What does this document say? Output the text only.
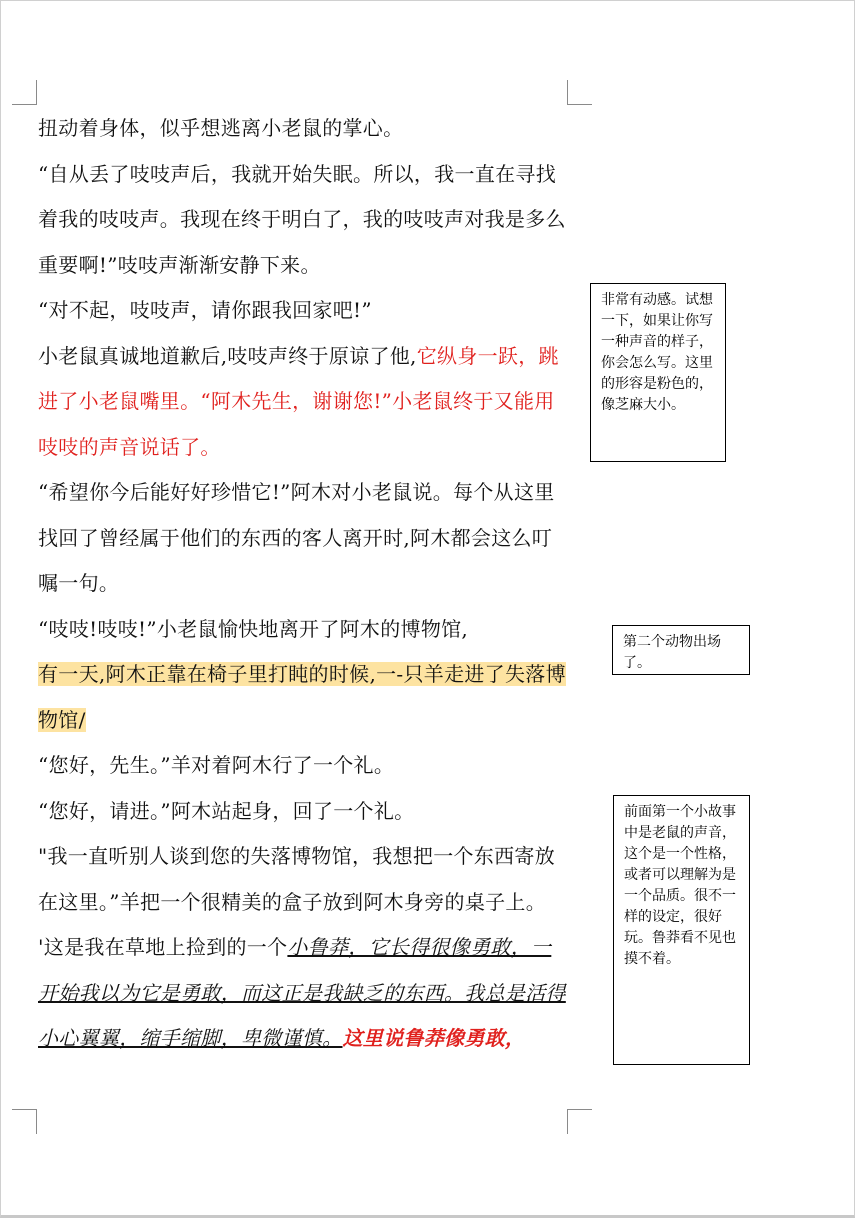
扭动着身体，似乎想逃离小老鼠的掌心。

“自从丢了吱吱声后，我就开始失眠。所以，我一直在寻找着我的吱吱声。我现在终于明白了，我的吱吱声对我是多么重要啊!”吱吱声渐渐安静下来。

“对不起，吱吱声，请你跟我回家吧!”

小老鼠真诚地道歉后,吱吱声终于原谅了他,它纵身一跃，跳进了小老鼠嘴里。“阿木先生，谢谢您!”小老鼠终于又能用吱吱的声音说话了。

“希望你今后能好好珍惜它!”阿木对小老鼠说。每个从这里找回了曾经属于他们的东西的客人离开时,阿木都会这么叮嘱一句。

“吱吱!吱吱!”小老鼠愉快地离开了阿木的博物馆,

有一天,阿木正靠在椅子里打盹的时候,一-只羊走进了失落博物馆/

“您好，先生。”羊对着阿木行了一个礼。

“您好，请进。”阿木站起身，回了一个礼。

"我一直听别人谈到您的失落博物馆，我想把一个东西寄放在这里。”羊把一个很精美的盒子放到阿木身旁的桌子上。

'这是我在草地上捡到的一个小鲁莽，它长得很像勇敢，一开始我以为它是勇敢，而这正是我缺乏的东西。我总是活得小心翼翼，缩手缩脚，卑微谨慎。这里说鲁莽像勇敢，

非常有动感。试想一下，如果让你写一种声音的样子，你会怎么写。这里的形容是粉色的，像芝麻大小。
第二个动物出场了。
前面第一个小故事中是老鼠的声音，这个是一个性格，或者可以理解为是一个品质。很不一样的设定，很好玩。鲁莽看不见也摸不着。
